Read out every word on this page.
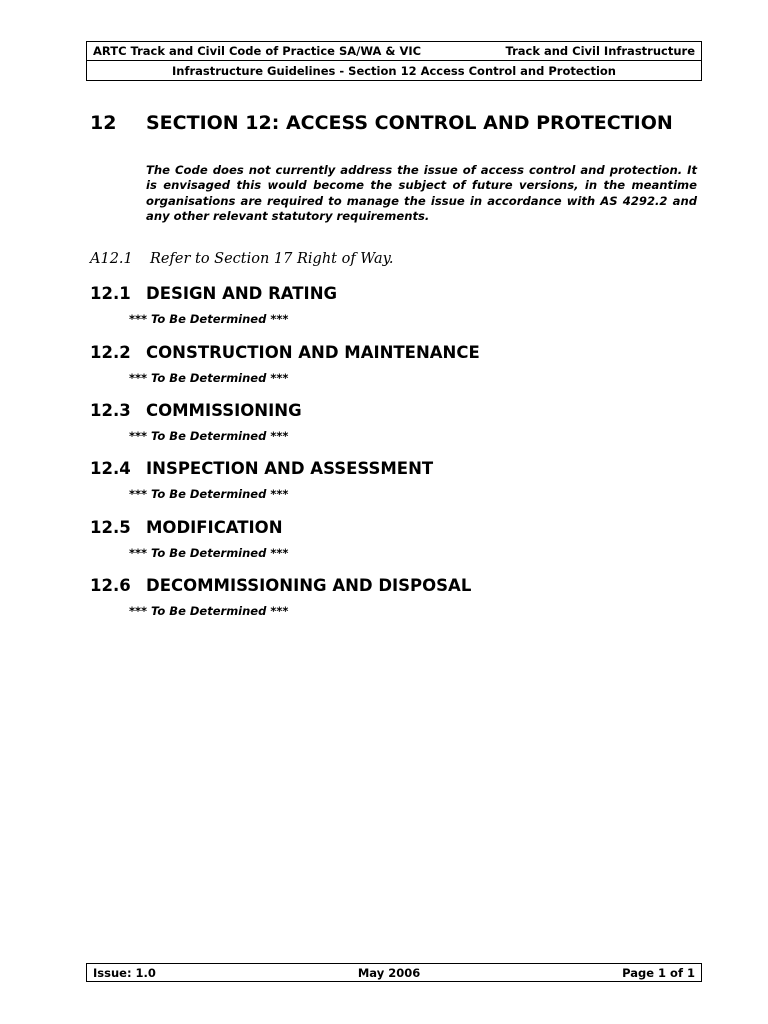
ARTC Track and Civil Code of Practice SA/WA & VIC	Track and Civil Infrastructure
Infrastructure Guidelines - Section 12 Access Control and Protection
12	SECTION 12: ACCESS CONTROL AND PROTECTION
The Code does not currently address the issue of access control and protection. It is envisaged this would become the subject of future versions, in the meantime organisations are required to manage the issue in accordance with AS 4292.2 and any other relevant statutory requirements.
A12.1	Refer to Section 17 Right of Way.
12.1 DESIGN AND RATING
*** To Be Determined ***
12.2 CONSTRUCTION AND MAINTENANCE
*** To Be Determined ***
12.3 COMMISSIONING
*** To Be Determined ***
12.4 INSPECTION AND ASSESSMENT
*** To Be Determined ***
12.5 MODIFICATION
*** To Be Determined ***
12.6 DECOMMISSIONING AND DISPOSAL
*** To Be Determined ***
Issue: 1.0	May 2006	Page 1 of 1
